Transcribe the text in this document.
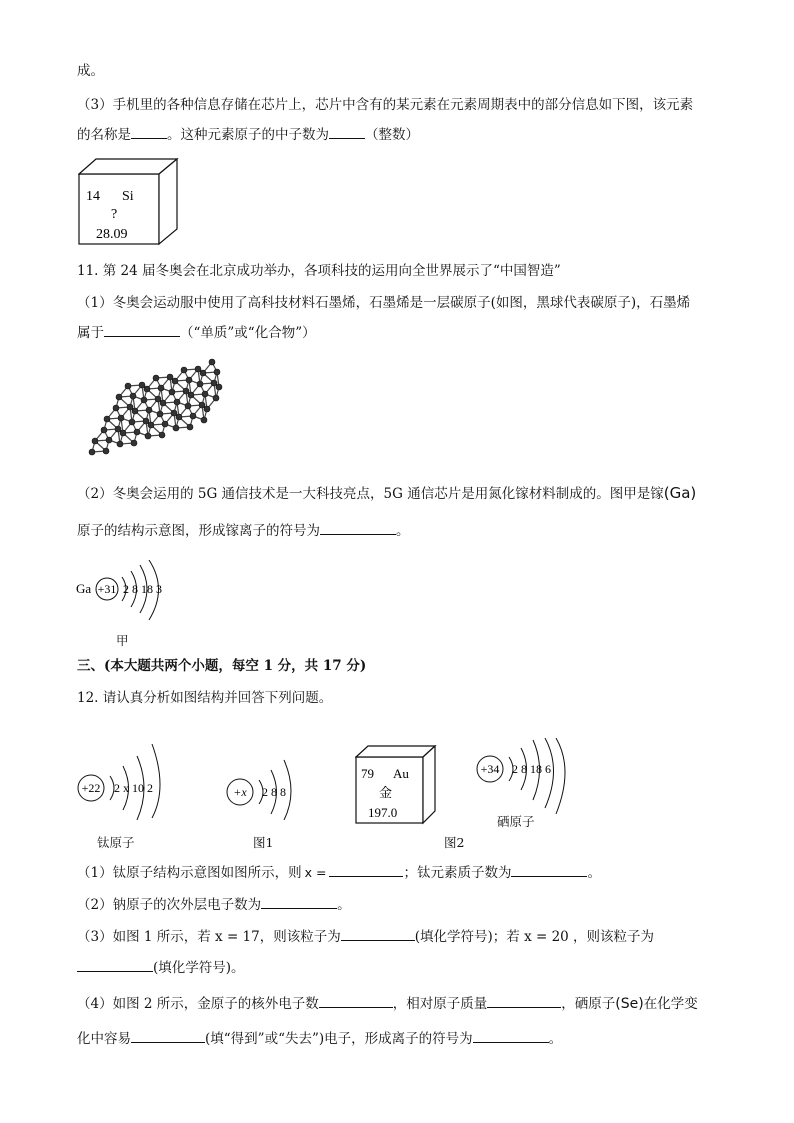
成。
（3）手机里的各种信息存储在芯片上，芯片中含有的某元素在元素周期表中的部分信息如下图，该元素
的名称是	。这种元素原子的中子数为	（整数）
14 Si
?
28.09
11. 第 24 届冬奥会在北京成功举办，各项科技的运用向全世界展示了“中国智造”
（1）冬奥会运动服中使用了高科技材料石墨烯，石墨烯是一层碳原子(如图，黑球代表碳原子)，石墨烯
属于	（“单质”或“化合物”）
（2）冬奥会运用的 5G 通信技术是一大科技亮点，5G 通信芯片是用氮化镓材料制成的。图甲是镓(Ga)
原子的结构示意图，形成镓离子的符号为	。
Ga +31 2 8 18 3
甲
三、(本大题共两个小题，每空 1 分，共 17 分)
12. 请认真分析如图结构并回答下列问题。
+22 2 x 10 2
钛原子
+x 2 8 8
图1
79 Au
金
197.0
图2
+34 2 8 18 6
硒原子
（1）钛原子结构示意图如图所示，则 x =	；钛元素质子数为	。
（2）钠原子的次外层电子数为	。
（3）如图 1 所示，若 x = 17，则该粒子为	(填化学符号)；若 x = 20 ，则该粒子为
(填化学符号)。
（4）如图 2 所示，金原子的核外电子数	，相对原子质量	，硒原子(Se)在化学变
化中容易	(填“得到”或“失去”)电子，形成离子的符号为	。
